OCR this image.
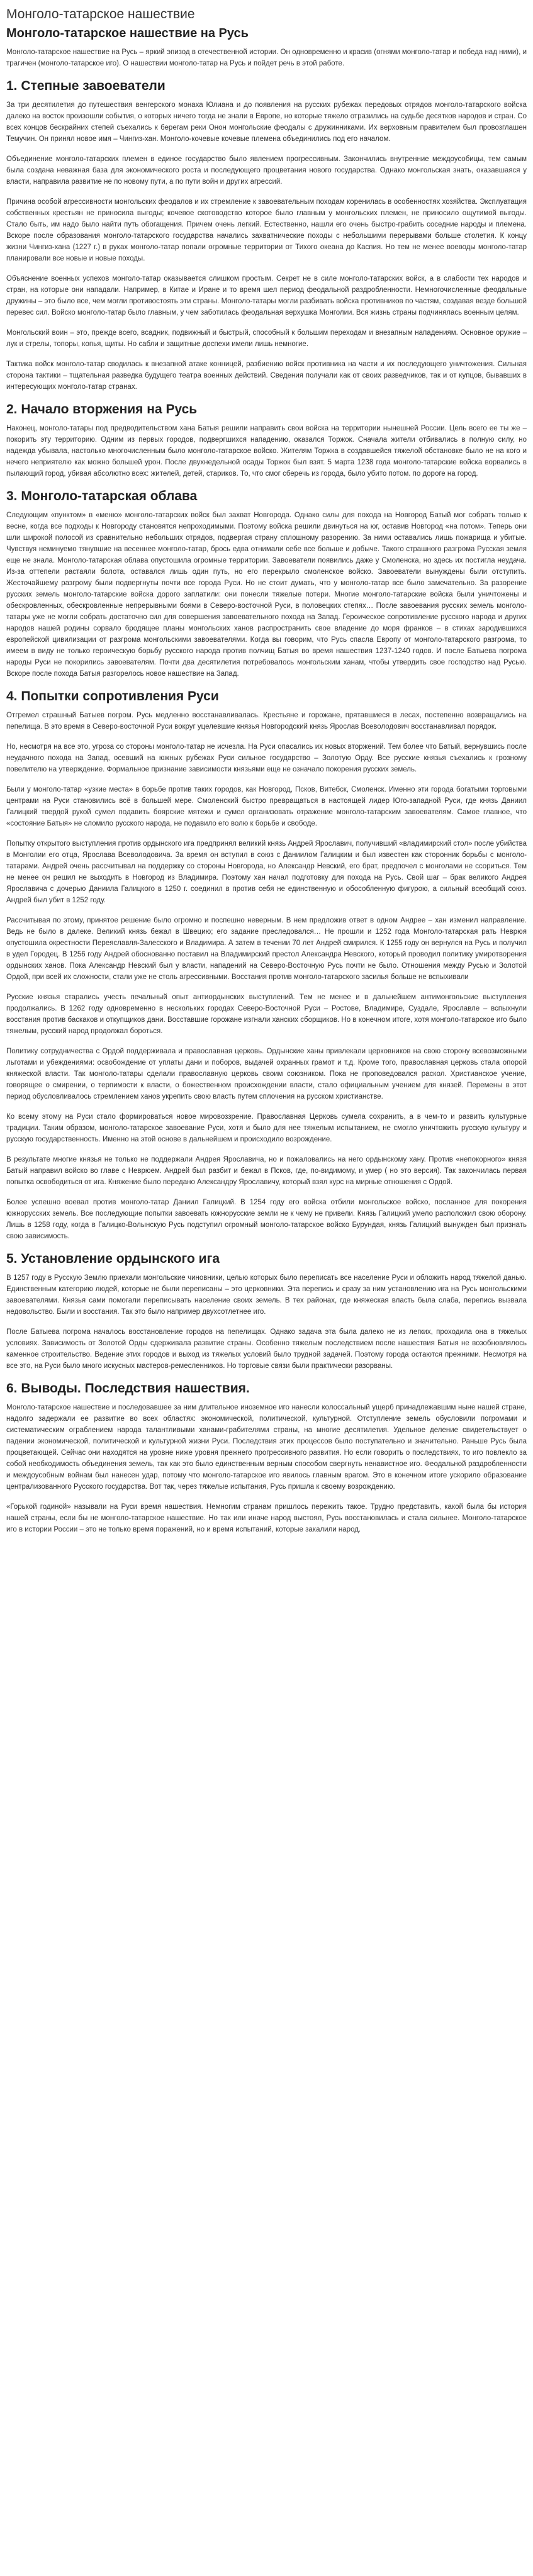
Монголо-татарское нашествие
Монголо-татарское нашествие на Русь

Монголо-татарское нашествие на Русь – яркий эпизод в отечественной истории. Он одновременно и красив (огнями монголо-татар и победа над ними), и трагичен (монголо-татарское иго). О нашествии монголо-татар на Русь и пойдет речь в этой работе.

1. Степные завоеватели

За три десятилетия до путешествия венгерского монаха Юлиана и до появления на русских рубежах передовых отрядов монголо-татарского войска далеко на восток произошли события, о которых ничего тогда не знали в Европе, но которые тяжело отразились на судьбе десятков народов и стран. Со всех концов бескрайних степей съехались к берегам реки Онон монгольские феодалы с дружинниками. Их верховным правителем был провозглашен Темучин. Он принял новое имя – Чингиз-хан. Монголо-кочевые кочевые племена объединились под его началом.

Объединение монголо-татарских племен в единое государство было явлением прогрессивным. Закончились внутренние междоусобицы, тем самым была создана неважная база для экономического роста и последующего процветания нового государства. Однако монгольская знать, оказавшаяся у власти, направила развитие не по новому пути, а по пути войн и других агрессий.

Причина особой агрессивности монгольских феодалов и их стремление к завоевательным походам коренилась в особенностях хозяйства. Эксплуатация собственных крестьян не приносила выгоды; кочевое скотоводство которое было главным у монгольских племен, не приносило ощутимой выгоды. Стало быть, им надо было найти путь обогащения. Причем очень легкий. Естественно, нашли его очень быстро-грабить соседние народы и племена. Вскоре после образования монголо-татарского государства начались захватнические походы с небольшими перерывами больше столетия. К концу жизни Чингиз-хана (1227 г.) в руках монголо-татар попали огромные территории от Тихого океана до Каспия. Но тем не менее воеводы монголо-татар планировали все новые и новые походы.

Объяснение военных успехов монголо-татар оказывается слишком простым. Секрет не в силе монголо-татарских войск, а в слабости тех народов и стран, на которые они нападали. Например, в Китае и Иране и то время шел период феодальной раздробленности. Немногочисленные феодальные дружины – это было все, чем могли противостоять эти страны. Монголо-татары могли разбивать войска противников по частям, создавая везде большой перевес сил. Войско монголо-татар было главным, у чем заботилась феодальная верхушка Монголии. Вся жизнь страны подчинялась военным целям.

Монгольский воин – это, прежде всего, всадник, подвижный и быстрый, способный к большим переходам и внезапным нападениям. Основное оружие – лук и стрелы, топоры, копья, щиты. Но сабли и защитные доспехи имели лишь немногие.

Тактика войск монголо-татар сводилась к внезапной атаке конницей, разбиению войск противника на части и их последующего уничтожения. Сильная сторона тактики – тщательная разведка будущего театра военных действий. Сведения получали как от своих разведчиков, так и от купцов, бывавших в интересующих монголо-татар странах.

2. Начало вторжения на Русь

Наконец, монголо-татары под предводительством хана Батыя решили направить свои войска на территории нынешней России. Цель всего ее ты же – покорить эту территорию. Одним из первых городов, подвергшихся нападению, оказался Торжок. Сначала жители отбивались в полную силу, но надежда убывала, настолько многочисленным было монголо-татарское войско. Жителям Торжка в создавшейся тяжелой обстановке было не на кого и нечего неприятелю как можно большей урон. После двухнедельной осады Торжок был взят. 5 марта 1238 года монголо-татарские войска ворвались в пылающий город, убивая абсолютно всех: жителей, детей, стариков. То, что смог сберечь из города, было убито потом. по дороге на город.

3. Монголо-татарская облава

Следующим «пунктом» в «меню» монголо-татарских войск был захват Новгорода. Однако силы для похода на Новгород Батый мог собрать только к весне, когда все подходы к Новгороду становятся непроходимыми. Поэтому войска решили двинуться на юг, оставив Новгород «на потом». Теперь они шли широкой полосой из сравнительно небольших отрядов, подвергая страну сплошному разорению. За ними оставались лишь пожарища и убитые. Чувствуя неминуемо тянувшие на весеннее монголо-татар, брось едва отнимали себе все больше и добыче. Такого страшного разгрома Русская земля еще не знала. Монголо-татарская облава опустошила огромные территории. Завоеватели появились даже у Смоленска, но здесь их постигла неудача. Из-за оттепели растаяли болота, оставался лишь один путь, но его перекрыло смоленское войско. Завоеватели вынуждены были отступить. Жесточайшему разгрому были подвергнуты почти все города Руси. Но не стоит думать, что у монголо-татар все было замечательно. За разорение русских земель монголо-татарские войска дорого заплатили: они понесли тяжелые потери. Многие монголо-татарские войска были уничтожены и обескровленных, обескровленные непрерывными боями в Северо-восточной Руси, в половецких степях… После завоевания русских земель монголо-татары уже не могли собрать достаточно сил для совершения завоевательного похода на Запад. Героическое сопротивление русского народа и других народов нашей родины сорвало бродящее планы монгольских ханов распространить свое владение до моря франков – в стихах зародившихся европейской цивилизации от разгрома монгольскими завоевателями. Когда вы говорим, что Русь спасла Европу от монголо-татарского разгрома, то имеем в виду не только героическую борьбу русского народа против полчищ Батыя во время нашествия 1237-1240 годов. И после Батыева погрома народы Руси не покорились завоевателям. Почти два десятилетия потребовалось монгольским ханам, чтобы утвердить свое господство над Русью. Вскоре после похода Батыя разгорелось новое нашествие на Запад.

4. Попытки сопротивления Руси

Отгремел страшный Батыев погром. Русь медленно восстанавливалась. Крестьяне и горожане, прятавшиеся в лесах, постепенно возвращались на пепелища. В это время в Северо-восточной Руси вокруг уцелевшие князья Новгородский князь Ярослав Всеволодович восстанавливал порядок.

Но, несмотря на все это, угроза со стороны монголо-татар не исчезла. На Руси опасались их новых вторжений. Тем более что Батый, вернувшись после неудачного похода на Запад, осевший на южных рубежах Руси сильное государство – Золотую Орду. Все русские князья съехались к грозному повелителю на утверждение. Формальное признание зависимости князьями еще не означало покорения русских земель.

Были у монголо-татар «узкие места» в борьбе против таких городов, как Новгород, Псков, Витебск, Смоленск. Именно эти города богатыми торговыми центрами на Руси становились всё в большей мере. Cмоленский быстро превращаться в настоящей лидер Юго-западной Руси, где князь Даниил Галицкий твердой рукой сумел подавить боярские мятежи и сумел организовать отражение монголо-татарским завоевателям. Самое главное, что «состояние Батыя» не сломило русского народа, не подавило его волю к борьбе и свободе.

Попытку открытого выступления против ордынского ига предпринял великий князь Андрей Ярославич, получивший «владимирский стол» после убийства в Монголии его отца, Ярослава Всеволодовича. За время он вступил в союз с Даниилом Галицким и был известен как сторонник борьбы с монголо-татарами. Андрей очень рассчитывал на поддержку со стороны Новгорода, но Александр Невский, его брат, предпочел с монголами не ссориться. Тем не менее он решил не выходить в Новгород из Владимира. Поэтому хан начал подготовку для похода на Русь. Свой шаг – брак великого Андрея Ярославича с дочерью Даниила Галицкого в 1250 г. соединил в против себя не единственную и обособленную фигурою, а сильный всеобщий союз. Андрей был убит в 1252 году.

Рассчитывая по этому, принятое решение было огромно и поспешно неверным. В нем предложив ответ в одном Андрее – хан изменил направление. Ведь не было в далеке. Великий князь бежал в Швецию; его задание преследовался… Не прошли и 1252 года Монголо-татарская рать Неврюя опустошила окрестности Переяславля-Залесского и Владимира. А затем в течении 70 лет Андрей смирился. К 1255 году он вернулся на Русь и получил в удел Городец. В 1256 году Андрей обоснованно поставил на Владимирский престол Александра Невского, который проводил политику умиротворения ордынских ханов. Пока Александр Невский был у власти, нападений на Северо-Восточную Русь почти не было. Отношения между Русью и Золотой Ордой, при всей их сложности, стали уже не столь агрессивными. Восстания против монголо-татарского засилья больше не вспыхивали

Русские князья старались учесть печальный опыт антиордынских выступлений. Тем не менее и в дальнейшем антимонгольские выступления продолжались. В 1262 году одновременно в нескольких городах Северо-Восточной Руси – Ростове, Владимире, Суздале, Ярославле – вспыхнули восстания против баскаков и откупщиков дани. Восставшие горожане изгнали ханских сборщиков. Но в конечном итоге, хотя монголо-татарское иго было тяжелым, русский народ продолжал бороться.

Политику сотрудничества с Ордой поддерживала и православная церковь. Ордынские ханы привлекали церковников на свою сторону всевозможными льготами и убеждениями: освобождение от уплаты дани и поборов, выдачей охранных грамот и т.д. Кроме того, православная церковь стала опорой княжеской власти. Так монголо-татары сделали православную церковь своим союзником. Пока не проповедовался раскол. Христианское учение, говорящее о смирении, о терпимости к власти, о божественном происхождении власти, стало официальным учением для князей. Перемены в этот период обусловливалось стремлением ханов укрепить свою власть путем сплочения на русском христианстве.

Ко всему этому на Руси стало формироваться новое мировоззрение. Православная Церковь сумела сохранить, а в чем-то и развить культурные традиции. Таким образом, монголо-татарское завоевание Руси, хотя и было для нее тяжелым испытанием, не смогло уничтожить русскую культуру и русскую государственность. Именно на этой основе в дальнейшем и происходило возрождение.

В результате многие князья не только не поддержали Андрея Ярославича, но и пожаловались на него ордынскому хану. Против «непокорного» князя Батый направил войско во главе с Неврюем. Андрей был разбит и бежал в Псков, где, по-видимому, и умер ( но это версия). Так закончилась первая попытка освободиться от ига. Княжение было передано Александру Ярославичу, который взял курс на мирные отношения с Ордой.

Более успешно воевал против монголо-татар Даниил Галицкий. В 1254 году его войска отбили монгольское войско, посланное для покорения южнорусских земель. Все последующие попытки завоевать южнорусские земли не к чему не привели. Князь Галицкий умело расположил свою оборону. Лишь в 1258 году, когда в Галицко-Волынскую Русь подступил огромный монголо-татарское войско Бурундая, князь Галицкий вынужден был признать свою зависимость.

5. Установление ордынского ига

В 1257 году в Русскую Землю приехали монгольские чиновники, целью которых было переписать все население Руси и обложить народ тяжелой данью. Единственным категорию людей, которые не были переписаны – это церковники. Эта перепись и сразу за ним установлению ига на Русь монгольскими завоевателями. Князья сами помогали переписывать население своих земель. В тех районах, где княжеская власть была слаба, перепись вызвала недовольство. Были и восстания. Так это было например двухсотлетнее иго.

После Батыева погрома началось восстановление городов на пепелищах. Однако задача эта была далеко не из легких, проходила она в тяжелых условиях. Зависимость от Золотой Орды сдерживала развитие страны. Особенно тяжелым последствием после нашествия Батыя не возобновлялось каменное строительство. Ведение этих городов и выход из тяжелых условий было трудной задачей. Поэтому города остаются прежними. Несмотря на все это, на Руси было много искусных мастеров-ремесленников. Но торговые связи были практически разорваны.

6. Выводы. Последствия нашествия.

Монголо-татарское нашествие и последовавшее за ним длительное иноземное иго нанесли колоссальный ущерб принадлежавшим ныне нашей стране, надолго задержали ее развитие во всех областях: экономической, политической, культурной. Отступление земель обусловили погромами и систематическим ограблением народа талантливыми ханами-грабителями страны, на многие десятилетия. Удельное деление свидетельствует о падении экономической, политической и культурной жизни Руси. Последствия этих процессов было поступательно и значительно. Раньше Русь была процветающей. Сейчас они находятся на уровне ниже уровня прежнего прогрессивного развития. Но если говорить о последствиях, то иго повлекло за собой необходимость объединения земель, так как это было единственным верным способом свергнуть ненавистное иго. Феодальной раздробленности и междоусобным войнам был нанесен удар, потому что монголо-татарское иго явилось главным врагом. Это в конечном итоге ускорило образование централизованного Русского государства. Вот так, через тяжелые испытания, Русь пришла к своему возрождению.

«Горькой годиной» называли на Руси время нашествия. Немногим странам пришлось пережить такое. Трудно представить, какой была бы история нашей страны, если бы не монголо-татарское нашествие. Но так или иначе народ выстоял, Русь восстановилась и стала сильнее. Монголо-татарское иго в истории России – это не только время поражений, но и время испытаний, которые закалили народ.
